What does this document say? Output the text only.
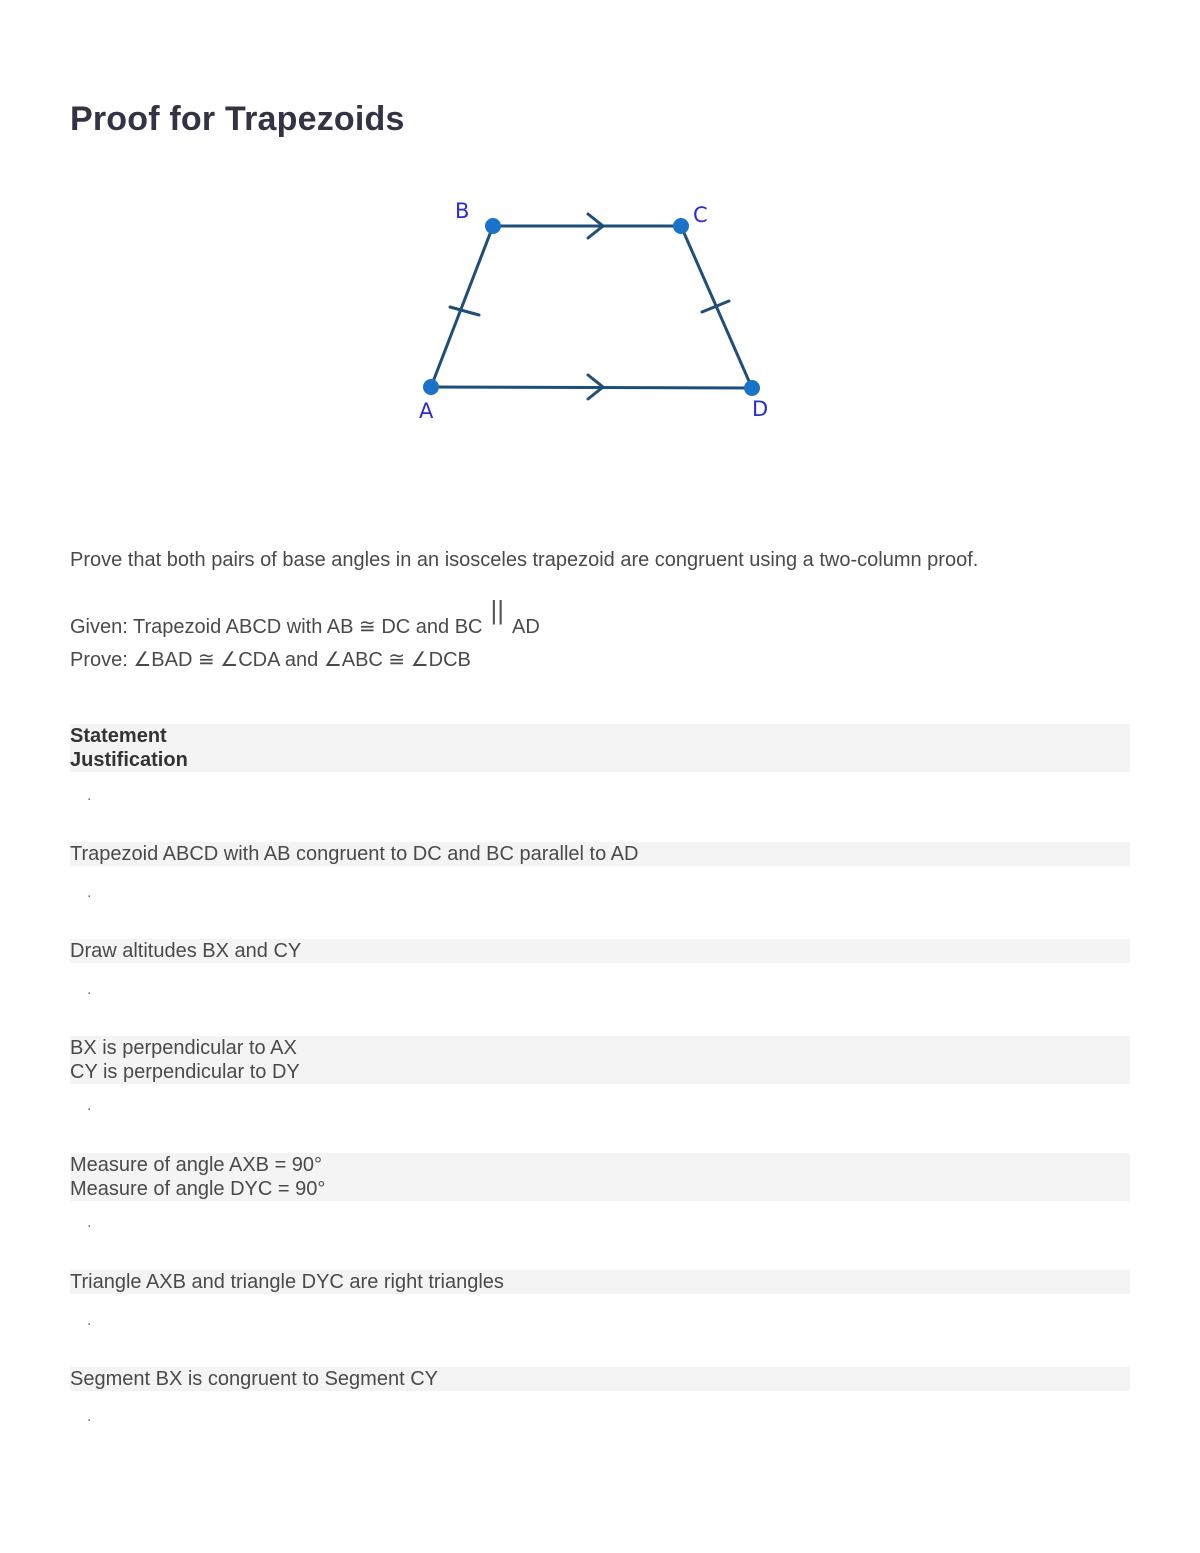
Proof for Trapezoids
B	C
A	D

Prove that both pairs of base angles in an isosceles trapezoid are congruent using a two-column proof.

Given: Trapezoid ABCD with AB ≅ DC and BC||AD

Prove: ∠BAD ≅ ∠CDA and ∠ABC ≅ ∠DCB

Statement
Justification
.
Trapezoid ABCD with AB congruent to DC and BC parallel to AD
.
Draw altitudes BX and CY
.
BX is perpendicular to AX
CY is perpendicular to DY
.
Measure of angle AXB = 90°
Measure of angle DYC = 90°
.
Triangle AXB and triangle DYC are right triangles
.
Segment BX is congruent to Segment CY
.
